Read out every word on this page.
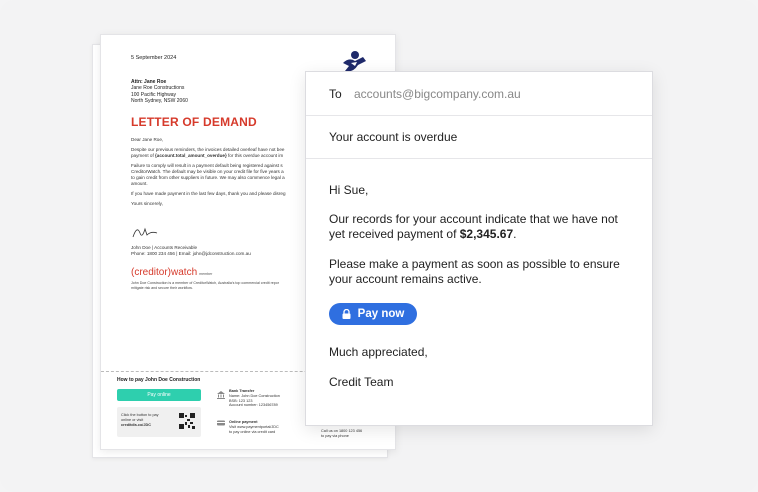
5 September 2024
Attn: Jane Roe
Jane Roe Constructions
100 Pacific Highway
North Sydney, NSW 2060
LETTER OF DEMAND

Dear Jane Roe,

Despite our previous reminders, the invoices detailed overleaf have not bee
payment of {account.total_amount_overdue} for this overdue account im

Failure to comply will result in a payment default being registered against s
CreditorWatch. The default may be visible on your credit file for five years a
to gain credit from other suppliers in future. We may also commence legal a
amount.

If you have made payment in the last few days, thank you and please disreg

Yours sincerely,

John Doe | Accounts Receivable
Phone: 1800 234 456 | Email: john@jdconstruction.com.au
(creditor)watch member
John Doe Construction is a member of CreditorWatch, Australia's top commercial credit repor
mitigate risk and secure their workflow.
How to pay John Doe Construction
Pay online
Click the button to pay
online or visit
creditdis.co/JDC
Bank Transfer
Name: John Doe Construction
BSB: 123 123
Account number: 123456789
Online payment
Visit www.paymentportal/JDC
to pay online via credit card	Call us on 1800 123 456
to pay via phone
To accounts@bigcompany.com.au
Your account is overdue
Hi Sue,
Our records for your account indicate that we have not yet received payment of $2,345.67.
Please make a payment as soon as possible to ensure your account remains active.
Pay now
Much appreciated,
Credit Team
